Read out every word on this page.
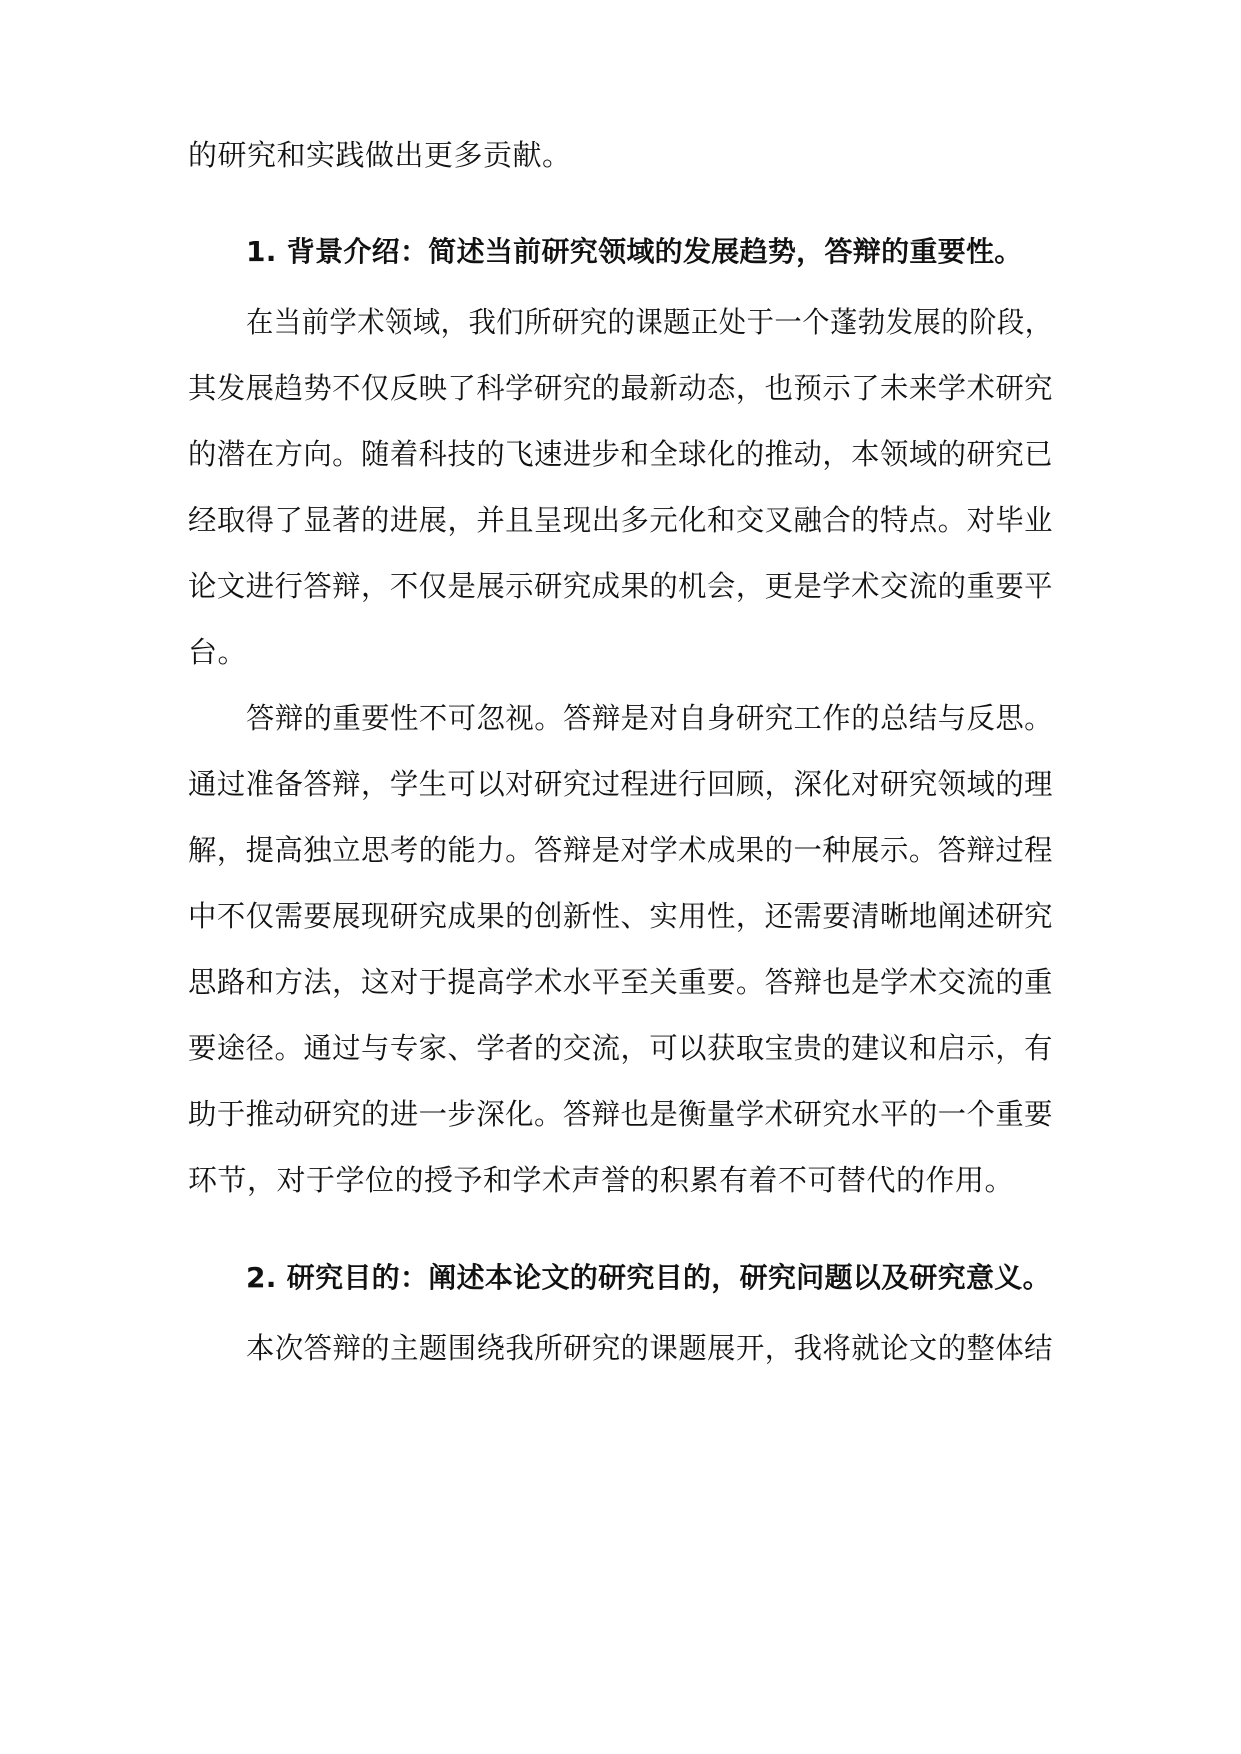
的研究和实践做出更多贡献。
1. 背景介绍：简述当前研究领域的发展趋势，答辩的重要性。
在当前学术领域，我们所研究的课题正处于一个蓬勃发展的阶段，
其发展趋势不仅反映了科学研究的最新动态，也预示了未来学术研究
的潜在方向。随着科技的飞速进步和全球化的推动，本领域的研究已
经取得了显著的进展，并且呈现出多元化和交叉融合的特点。对毕业
论文进行答辩，不仅是展示研究成果的机会，更是学术交流的重要平
台。
答辩的重要性不可忽视。答辩是对自身研究工作的总结与反思。
通过准备答辩，学生可以对研究过程进行回顾，深化对研究领域的理
解，提高独立思考的能力。答辩是对学术成果的一种展示。答辩过程
中不仅需要展现研究成果的创新性、实用性，还需要清晰地阐述研究
思路和方法，这对于提高学术水平至关重要。答辩也是学术交流的重
要途径。通过与专家、学者的交流，可以获取宝贵的建议和启示，有
助于推动研究的进一步深化。答辩也是衡量学术研究水平的一个重要
环节，对于学位的授予和学术声誉的积累有着不可替代的作用。
2. 研究目的：阐述本论文的研究目的，研究问题以及研究意义。
本次答辩的主题围绕我所研究的课题展开，我将就论文的整体结
